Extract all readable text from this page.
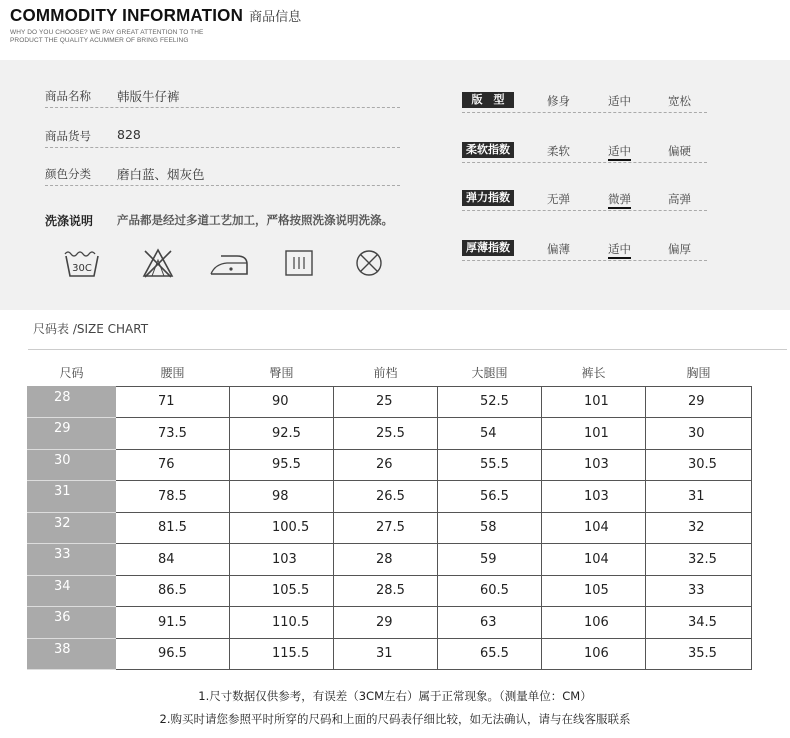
COMMODITY INFORMATION 商品信息
WHY DO YOU CHOOSE? WE PAY GREAT ATTENTION TO THE
PRODUCT THE QUALITY ACUMMER OF BRING FEELING
商品名称 韩版牛仔裤
商品货号 828
颜色分类 磨白蓝、烟灰色
洗涤说明 产品都是经过多道工艺加工，严格按照洗涤说明洗涤。
30C
版　型	修身	适中	宽松
柔软指数	柔软	适中	偏硬
弹力指数	无弹	微弹	高弹
厚薄指数	偏薄	适中	偏厚
尺码表 /SIZE CHART
尺码	腰围	臀围	前档	大腿围	裤长	胸围
28	71	90	25	52.5	101	29
29	73.5	92.5	25.5	54	101	30
30	76	95.5	26	55.5	103	30.5
31	78.5	98	26.5	56.5	103	31
32	81.5	100.5	27.5	58	104	32
33	84	103	28	59	104	32.5
34	86.5	105.5	28.5	60.5	105	33
36	91.5	110.5	29	63	106	34.5
38	96.5	115.5	31	65.5	106	35.5
1.尺寸数据仅供参考，有误差（3CM左右）属于正常现象。（测量单位：CM）
2.购买时请您参照平时所穿的尺码和上面的尺码表仔细比较，如无法确认，请与在线客服联系
